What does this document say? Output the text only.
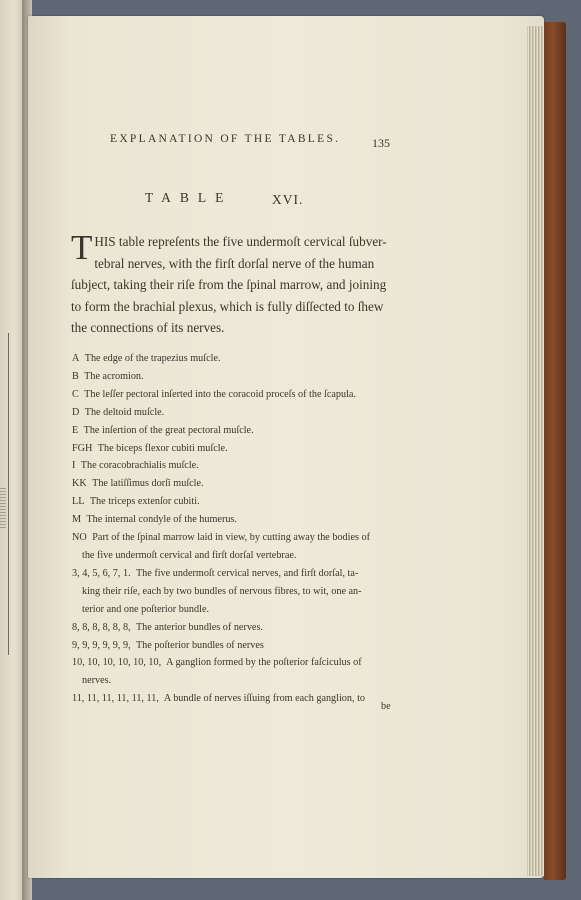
EXPLANATION OF THE TABLES.	135
TABLE	XVI.
T HIS table repreſents the five undermoſt cervical ſubver-
tebral nerves, with the firſt dorſal nerve of the human
ſubject, taking their riſe from the ſpinal marrow, and joining
to form the brachial plexus, which is fully diſſected to ſhew
the connections of its nerves.
A The edge of the trapezius muſcle.
B The acromion.
C The leſſer pectoral inſerted into the coracoid proceſs of the ſcapula.
D The deltoid muſcle.
E The inſertion of the great pectoral muſcle.
FGH The biceps flexor cubiti muſcle.
I The coracobrachialis muſcle.
KK The latiſſimus dorſi muſcle.
LL The triceps extenſor cubiti.
M The internal condyle of the humerus.
NO Part of the ſpinal marrow laid in view, by cutting away the bodies of
the five undermoſt cervical and firſt dorſal vertebrae.
3, 4, 5, 6, 7, 1. The five undermoſt cervical nerves, and firſt dorſal, ta-
king their riſe, each by two bundles of nervous fibres, to wit, one an-
terior and one poſterior bundle.
8, 8, 8, 8, 8, 8, The anterior bundles of nerves.
9, 9, 9, 9, 9, 9, The poſterior bundles of nerves
10, 10, 10, 10, 10, 10, A ganglion formed by the poſterior faſciculus of
nerves.
11, 11, 11, 11, 11, 11, A bundle of nerves iſſuing from each ganglion, to
be
